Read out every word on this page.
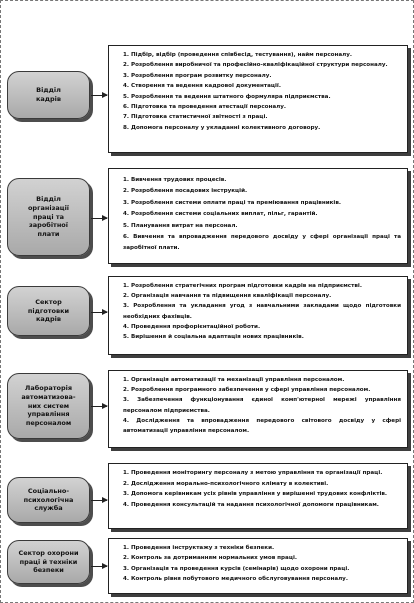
Відділ
кадрів
1. Підбір, відбір (проведення співбесід, тестування), найм персоналу.
2. Розроблення виробничої та професійно-кваліфікаційної структури персоналу.
3. Розроблення програм розвитку персоналу.
4. Створення та ведення кадрової документації.
5. Розроблення та ведення штатного формуляра підприємства.
6. Підготовка та проведення атестації персоналу.
7. Підготовка статистичної звітності з праці.
8. Допомога персоналу у укладанні колективного договору.
Відділ
організації
праці та
заробітної
плати
1. Вивчення трудових процесів.
2. Розроблення посадових інструкцій.
3. Розроблення системи оплати праці та преміювання працівників.
4. Розроблення системи соціальних виплат, пільг, гарантій.
5. Планування витрат на персонал.
6. Вивчення та впровадження передового досвіду у сфері організації праці та заробітної плати.
Сектор
підготовки
кадрів
1. Розроблення стратегічних програм підготовки кадрів на підприємстві.
2. Організація навчання та підвищення кваліфікації персоналу.
3. Розроблення та укладання угод з навчальними закладами щодо підготовки необхідних фахівців.
4. Проведення профорієнтаційної роботи.
5. Вирішення й соціальна адаптація нових працівників.
Лабораторія
автоматизова-
них систем
управління
персоналом
1. Організація автоматизації та механізації управління персоналом.
2. Розроблення програмного забезпечення у сфері управління персоналом.
3. Забезпечення функціонування єдиної комп'ютерної мережі управління персоналом підприємства.
4. Дослідження та впровадження передового світового досвіду у сфері автоматизації управління персоналом.
Соціально-
психологічна
служба
1. Проведення моніторингу персоналу з метою управління та організації праці.
2. Дослідження морально-психологічного клімату в колективі.
3. Допомога керівникам усіх рівнів управління у вирішенні трудових конфліктів.
4. Проведення консультацій та надання психологічної допомоги працівникам.
Сектор охорони
праці й техніки
безпеки
1. Проведення інструктажу з техніки безпеки.
2. Контроль за дотриманням нормальних умов праці.
3. Організація та проведення курсів (семінарів) щодо охорони праці.
4. Контроль рівня побутового медичного обслуговування персоналу.
